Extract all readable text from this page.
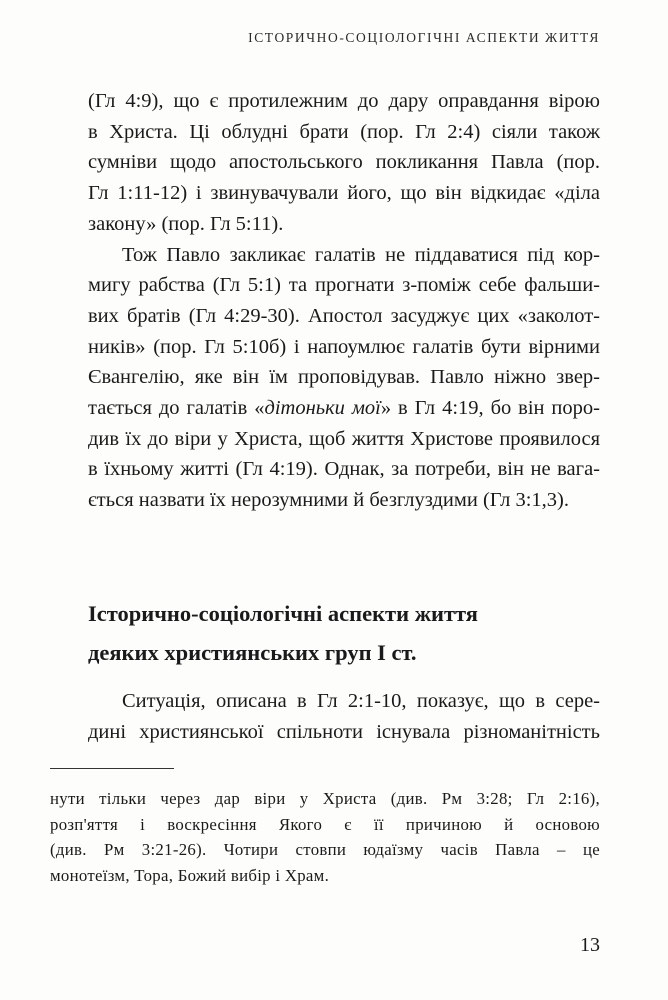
ІСТОРИЧНО-СОЦІОЛОГІЧНІ АСПЕКТИ ЖИТТЯ

(Гл 4:9), що є протилежним до дару оправдання вірою
в Христа. Ці облудні брати (пор. Гл 2:4) сіяли також
сумніви щодо апостольського покликання Павла (пор.
Гл 1:11-12) і звинувачували його, що він відкидає «діла
закону» (пор. Гл 5:11).

Тож Павло закликає галатів не піддаватися під кор-
мигу рабства (Гл 5:1) та прогнати з-поміж себе фальши-
вих братів (Гл 4:29-30). Апостол засуджує цих «заколот-
ників» (пор. Гл 5:10б) і напоумлює галатів бути вірними
Євангелію, яке він їм проповідував. Павло ніжно звер-
тається до галатів «дітоньки мої» в Гл 4:19, бо він поро-
див їх до віри у Христа, щоб життя Христове проявилося
в їхньому житті (Гл 4:19). Однак, за потреби, він не вага-
ється назвати їх нерозумними й безглуздими (Гл 3:1,3).

Історично-соціологічні аспекти життя
деяких християнських груп І ст.

Ситуація, описана в Гл 2:1-10, показує, що в сере-
дині християнської спільноти існувала різноманітність

нути тільки через дар віри у Христа (див. Рм 3:28; Гл 2:16),
розп'яття і воскресіння Якого є її причиною й основою
(див. Рм 3:21-26). Чотири стовпи юдаїзму часів Павла – це
монотеїзм, Тора, Божий вибір і Храм.

13
